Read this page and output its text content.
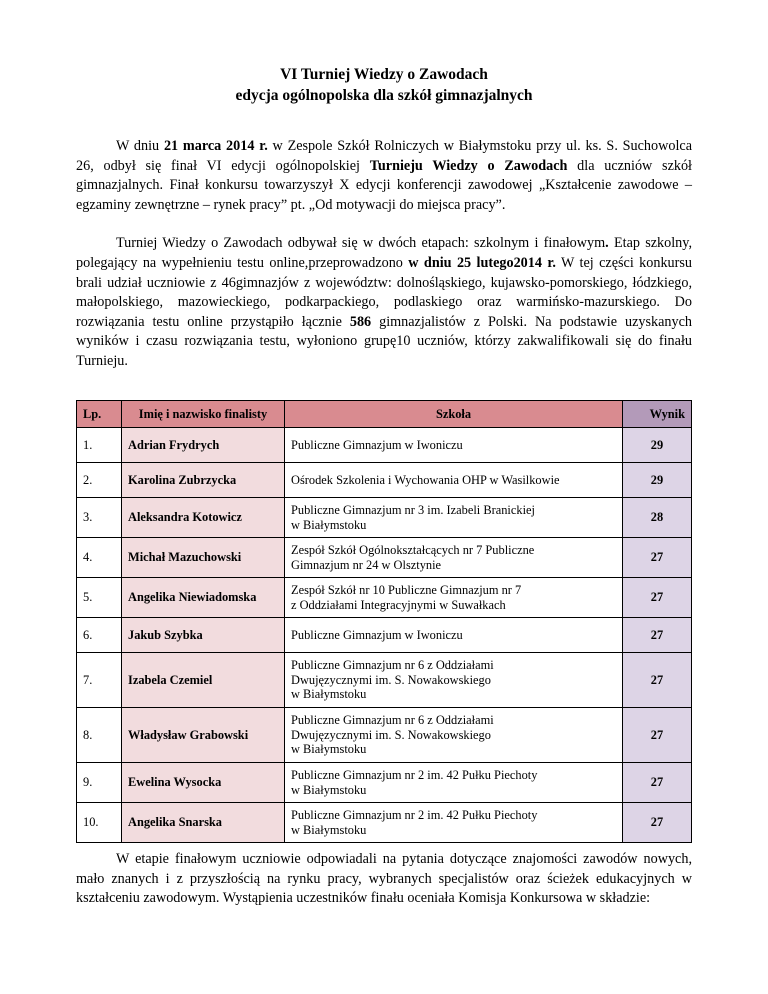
VI Turniej Wiedzy o Zawodach
edycja ogólnopolska dla szkół gimnazjalnych

W dniu 21 marca 2014 r. w Zespole Szkół Rolniczych w Białymstoku przy ul. ks. S. Suchowolca 26, odbył się finał VI edycji ogólnopolskiej Turnieju Wiedzy o Zawodach dla uczniów szkół gimnazjalnych. Finał konkursu towarzyszył X edycji konferencji zawodowej „Kształcenie zawodowe – egzaminy zewnętrzne – rynek pracy” pt. „Od motywacji do miejsca pracy”.

Turniej Wiedzy o Zawodach odbywał się w dwóch etapach: szkolnym i finałowym. Etap szkolny, polegający na wypełnieniu testu online,przeprowadzono w dniu 25 lutego2014 r. W tej części konkursu brali udział uczniowie z 46gimnazjów z województw: dolnośląskiego, kujawsko-pomorskiego, łódzkiego, małopolskiego, mazowieckiego, podkarpackiego, podlaskiego oraz warmińsko-mazurskiego. Do rozwiązania testu online przystąpiło łącznie 586 gimnazjalistów z Polski. Na podstawie uzyskanych wyników i czasu rozwiązania testu, wyłoniono grupę10 uczniów, którzy zakwalifikowali się do finału Turnieju.

Lp.	Imię i nazwisko finalisty	Szkoła	Wynik
1.	Adrian Frydrych	Publiczne Gimnazjum w Iwoniczu	29
2.	Karolina Zubrzycka	Ośrodek Szkolenia i Wychowania OHP w Wasilkowie	29
3.	Aleksandra Kotowicz	Publiczne Gimnazjum nr 3 im. Izabeli Branickiej
w Białymstoku	28
4.	Michał Mazuchowski	Zespół Szkół Ogólnokształcących nr 7 Publiczne
Gimnazjum nr 24 w Olsztynie	27
5.	Angelika Niewiadomska	Zespół Szkół nr 10 Publiczne Gimnazjum nr 7
z Oddziałami Integracyjnymi w Suwałkach	27
6.	Jakub Szybka	Publiczne Gimnazjum w Iwoniczu	27
7.	Izabela Czemiel	Publiczne Gimnazjum nr 6 z Oddziałami
Dwujęzycznymi im. S. Nowakowskiego
w Białymstoku	27
8.	Władysław Grabowski	Publiczne Gimnazjum nr 6 z Oddziałami
Dwujęzycznymi im. S. Nowakowskiego
w Białymstoku	27
9.	Ewelina Wysocka	Publiczne Gimnazjum nr 2 im. 42 Pułku Piechoty
w Białymstoku	27
10.	Angelika Snarska	Publiczne Gimnazjum nr 2 im. 42 Pułku Piechoty
w Białymstoku	27

W etapie finałowym uczniowie odpowiadali na pytania dotyczące znajomości zawodów nowych, mało znanych i z przyszłością na rynku pracy, wybranych specjalistów oraz ścieżek edukacyjnych w kształceniu zawodowym. Wystąpienia uczestników finału oceniała Komisja Konkursowa w składzie:
